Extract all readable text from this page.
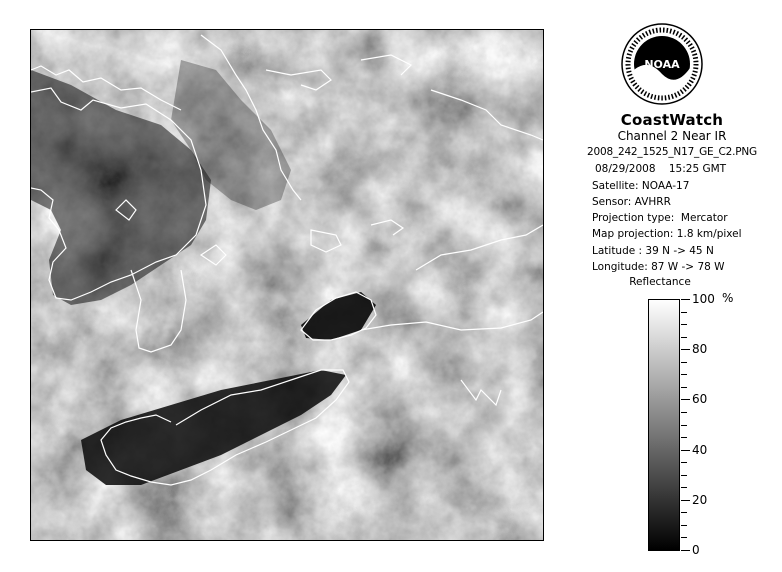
NOAA
CoastWatch
Channel 2 Near IR
2008_242_1525_N17_GE_C2.PNG
08/29/2008    15:25 GMT
Satellite: NOAA-17
Sensor: AVHRR
Projection type:  Mercator
Map projection: 1.8 km/pixel
Latitude : 39 N -> 45 N
Longitude: 87 W -> 78 W
Reflectance
%
100
80
60
40
20
0
